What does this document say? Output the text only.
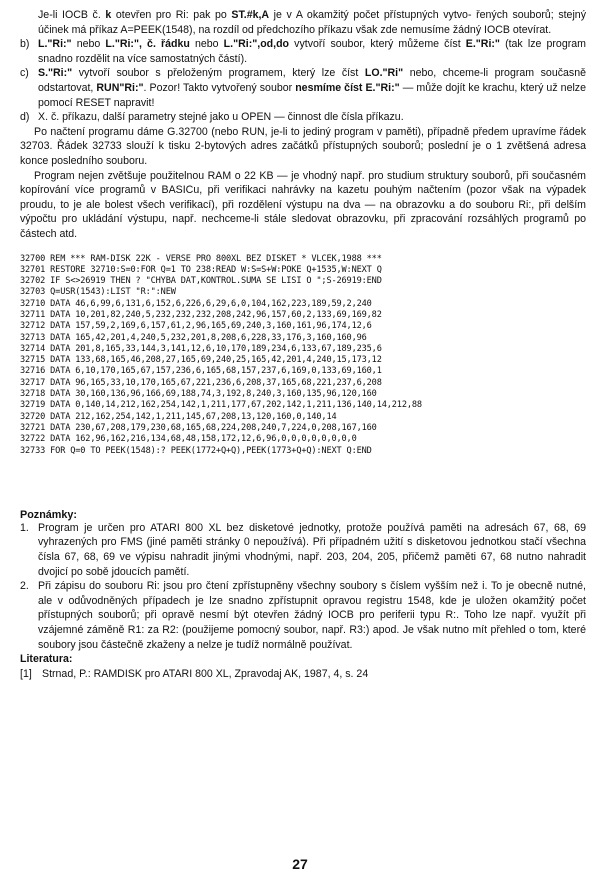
Je-li IOCB č. k otevřen pro Ri: pak po ST.#k,A je v A okamžitý počet přístupných vytvo- řených souborů; stejný účinek má příkaz A=PEEK(1548), na rozdíl od předchozího příkazu však zde nemusíme žádný IOCB otevírat.

b) L."Ri:" nebo L."Ri:", č. řádku nebo L."Ri:",od,do vytvoří soubor, který můžeme číst E."Ri:" (tak lze program snadno rozdělit na více samostatných částí).
c) S."Ri:" vytvoří soubor s přeloženým programem, který lze číst LO."Ri" nebo, chceme-li program současně odstartovat, RUN"Ri:". Pozor! Takto vytvořený soubor nesmíme číst E."Ri:" — může dojít ke krachu, který už nelze pomocí RESET napravit!
d) X. č. příkazu, další parametry stejné jako u OPEN — činnost dle čísla příkazu.

Po načtení programu dáme G.32700 (nebo RUN, je-li to jediný program v paměti), případně předem upravíme řádek 32703. Řádek 32733 slouží k tisku 2-bytových adres začátků přístupných souborů; poslední je o 1 zvětšená adresa konce posledního souboru.

Program nejen zvětšuje použitelnou RAM o 22 KB — je vhodný např. pro studium struktury souborů, při současném kopírování více programů v BASICu, při verifikaci nahrávky na kazetu pouhým načtením (pozor však na výpadek proudu, to je ale bolest všech verifikací), při rozdělení výstupu na dva — na obrazovku a do souboru Ri:, při delším výpočtu pro ukládání výstupu, např. nechceme-li stále sledovat obrazovku, při zpracování rozsáhlých programů po částech atd.

32700 REM *** RAM-DISK 22K - VERSE PRO 800XL BEZ DISKET * VLCEK,1988 ***
32701 RESTORE 32710:S=0:FOR Q=1 TO 238:READ W:S=S+W:POKE Q+1535,W:NEXT Q
32702 IF S<>26919 THEN ? "CHYBA DAT,KONTROL.SUMA SE LISI O ";S-26919:END
32703 Q=USR(1543):LIST "R:":NEW
32710 DATA 46,6,99,6,131,6,152,6,226,6,29,6,0,104,162,223,189,59,2,240
32711 DATA 10,201,82,240,5,232,232,232,208,242,96,157,60,2,133,69,169,82
32712 DATA 157,59,2,169,6,157,61,2,96,165,69,240,3,160,161,96,174,12,6
32713 DATA 165,42,201,4,240,5,232,201,8,208,6,228,33,176,3,160,160,96
32714 DATA 201,8,165,33,144,3,141,12,6,10,170,189,234,6,133,67,189,235,6
32715 DATA 133,68,165,46,208,27,165,69,240,25,165,42,201,4,240,15,173,12
32716 DATA 6,10,170,165,67,157,236,6,165,68,157,237,6,169,0,133,69,160,1
32717 DATA 96,165,33,10,170,165,67,221,236,6,208,37,165,68,221,237,6,208
32718 DATA 30,160,136,96,166,69,188,74,3,192,8,240,3,160,135,96,120,160
32719 DATA 0,140,14,212,162,254,142,1,211,177,67,202,142,1,211,136,140,14,212,88
32720 DATA 212,162,254,142,1,211,145,67,208,13,120,160,0,140,14
32721 DATA 230,67,208,179,230,68,165,68,224,208,240,7,224,0,208,167,160
32722 DATA 162,96,162,216,134,68,48,158,172,12,6,96,0,0,0,0,0,0,0,0
32733 FOR Q=0 TO PEEK(1548):? PEEK(1772+Q+Q),PEEK(1773+Q+Q):NEXT Q:END
Poznámky:
1. Program je určen pro ATARI 800 XL bez disketové jednotky, protože používá paměti na adresách 67, 68, 69 vyhrazených pro FMS (jiné paměti stránky 0 nepoužívá). Při případném užití s disketovou jednotkou stačí všechna čísla 67, 68, 69 ve výpisu nahradit jinými vhodnými, např. 203, 204, 205, přičemž paměti 67, 68 nutno nahradit dvojicí po sobě jdoucích pamětí.
2. Při zápisu do souboru Ri: jsou pro čtení zpřístupněny všechny soubory s číslem vyšším než i. To je obecně nutné, ale v odůvodněných případech je lze snadno zpřístupnit opravou registru 1548, kde je uložen okamžitý počet přístupných souborů; při opravě nesmí být otevřen žádný IOCB pro periferii typu R:. Toho lze např. využít při vzájemné záměně R1: za R2: (použijeme pomocný soubor, např. R3:) apod. Je však nutno mít přehled o tom, které soubory jsou částečně zkaženy a nelze je tudíž normálně používat.
Literatura:
[1] Strnad, P.: RAMDISK pro ATARI 800 XL, Zpravodaj AK, 1987, 4, s. 24
27
